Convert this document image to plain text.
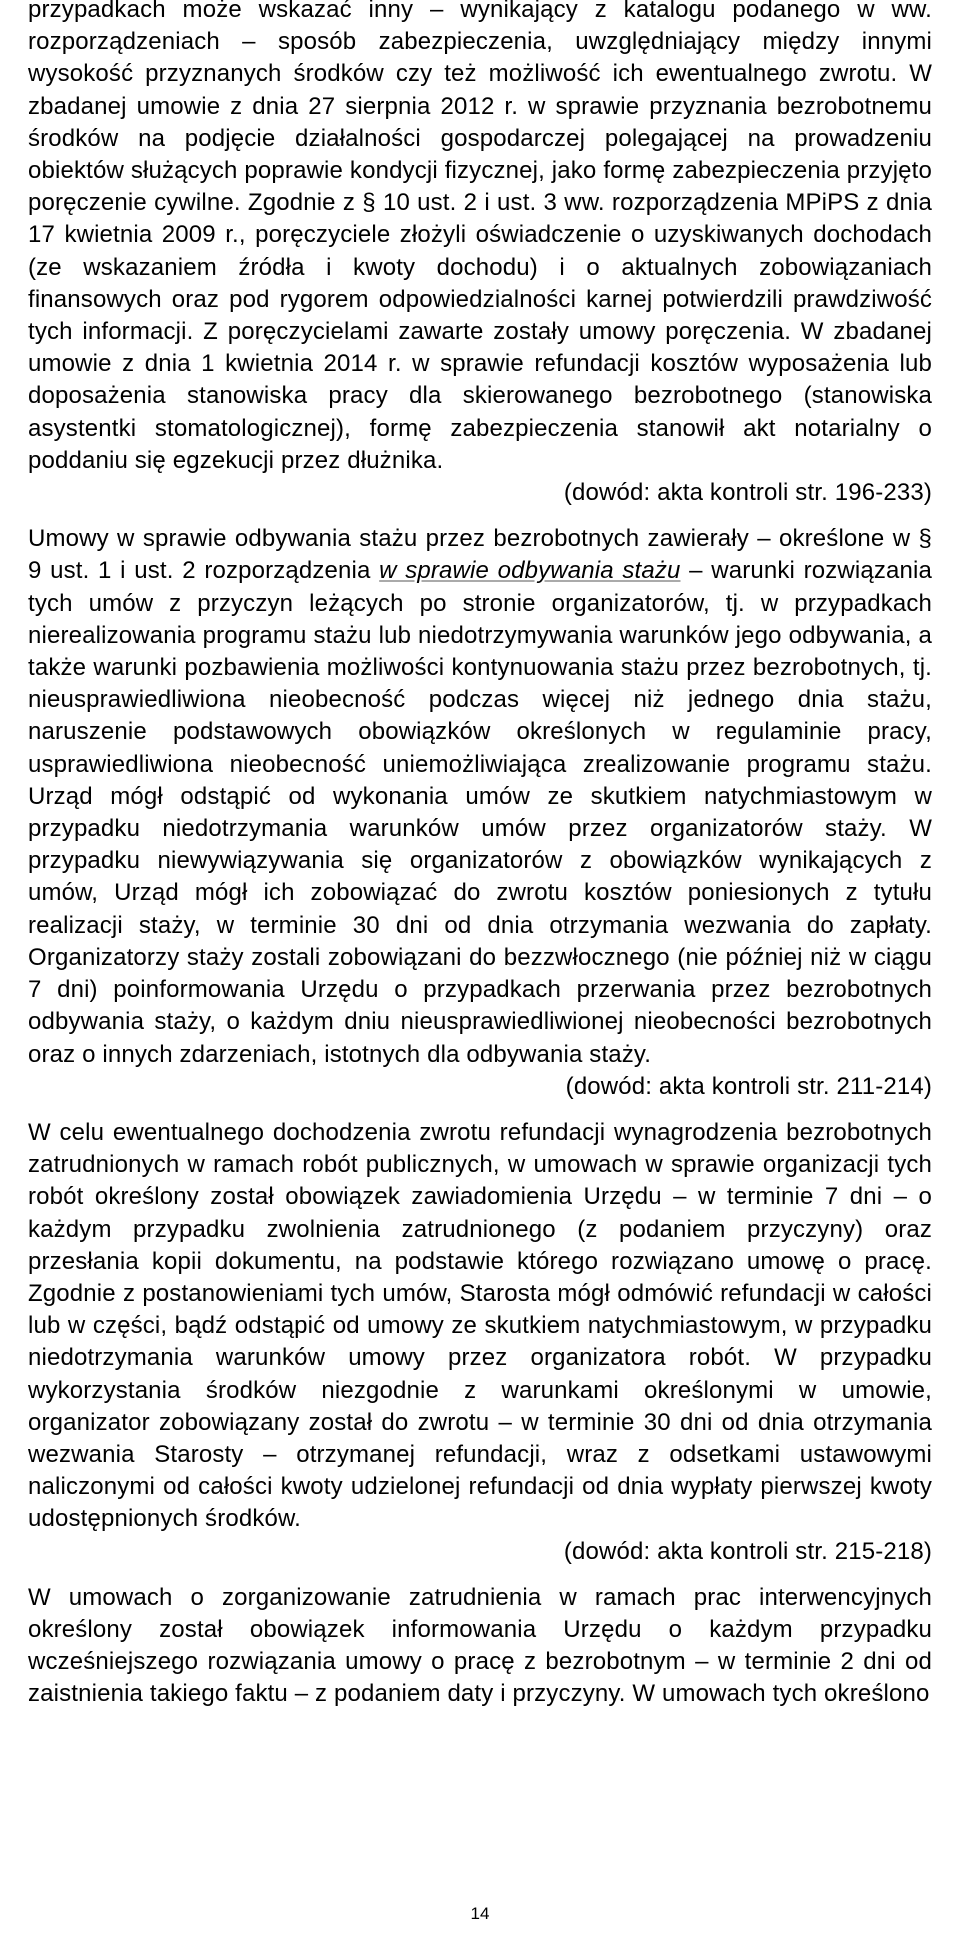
przypadkach może wskazać inny – wynikający z katalogu podanego w ww. rozporządzeniach – sposób zabezpieczenia, uwzględniający między innymi wysokość przyznanych środków czy też możliwość ich ewentualnego zwrotu. W zbadanej umowie z dnia 27 sierpnia 2012 r. w sprawie przyznania bezrobotnemu środków na podjęcie działalności gospodarczej polegającej na prowadzeniu obiektów służących poprawie kondycji fizycznej, jako formę zabezpieczenia przyjęto poręczenie cywilne. Zgodnie z § 10 ust. 2 i ust. 3 ww. rozporządzenia MPiPS z dnia 17 kwietnia 2009 r., poręczyciele złożyli oświadczenie o uzyskiwanych dochodach (ze wskazaniem źródła i kwoty dochodu) i o aktualnych zobowiązaniach finansowych oraz pod rygorem odpowiedzialności karnej potwierdzili prawdziwość tych informacji. Z poręczycielami zawarte zostały umowy poręczenia. W zbadanej umowie z dnia 1 kwietnia 2014 r. w sprawie refundacji kosztów wyposażenia lub doposażenia stanowiska pracy dla skierowanego bezrobotnego (stanowiska asystentki stomatologicznej), formę zabezpieczenia stanowił akt notarialny o poddaniu się egzekucji przez dłużnika.

(dowód: akta kontroli str. 196-233)

Umowy w sprawie odbywania stażu przez bezrobotnych zawierały – określone w § 9 ust. 1 i ust. 2 rozporządzenia w sprawie odbywania stażu – warunki rozwiązania tych umów z przyczyn leżących po stronie organizatorów, tj. w przypadkach nierealizowania programu stażu lub niedotrzymywania warunków jego odbywania, a także warunki pozbawienia możliwości kontynuowania stażu przez bezrobotnych, tj. nieusprawiedliwiona nieobecność podczas więcej niż jednego dnia stażu, naruszenie podstawowych obowiązków określonych w regulaminie pracy, usprawiedliwiona nieobecność uniemożliwiająca zrealizowanie programu stażu. Urząd mógł odstąpić od wykonania umów ze skutkiem natychmiastowym w przypadku niedotrzymania warunków umów przez organizatorów staży. W przypadku niewywiązywania się organizatorów z obowiązków wynikających z umów, Urząd mógł ich zobowiązać do zwrotu kosztów poniesionych z tytułu realizacji staży, w terminie 30 dni od dnia otrzymania wezwania do zapłaty. Organizatorzy staży zostali zobowiązani do bezzwłocznego (nie później niż w ciągu 7 dni) poinformowania Urzędu o przypadkach przerwania przez bezrobotnych odbywania staży, o każdym dniu nieusprawiedliwionej nieobecności bezrobotnych oraz o innych zdarzeniach, istotnych dla odbywania staży.

(dowód: akta kontroli str. 211-214)

W celu ewentualnego dochodzenia zwrotu refundacji wynagrodzenia bezrobotnych zatrudnionych w ramach robót publicznych, w umowach w sprawie organizacji tych robót określony został obowiązek zawiadomienia Urzędu – w terminie 7 dni – o każdym przypadku zwolnienia zatrudnionego (z podaniem przyczyny) oraz przesłania kopii dokumentu, na podstawie którego rozwiązano umowę o pracę. Zgodnie z postanowieniami tych umów, Starosta mógł odmówić refundacji w całości lub w części, bądź odstąpić od umowy ze skutkiem natychmiastowym, w przypadku niedotrzymania warunków umowy przez organizatora robót. W przypadku wykorzystania środków niezgodnie z warunkami określonymi w umowie, organizator zobowiązany został do zwrotu – w terminie 30 dni od dnia otrzymania wezwania Starosty – otrzymanej refundacji, wraz z odsetkami ustawowymi naliczonymi od całości kwoty udzielonej refundacji od dnia wypłaty pierwszej kwoty udostępnionych środków.

(dowód: akta kontroli str. 215-218)

W umowach o zorganizowanie zatrudnienia w ramach prac interwencyjnych określony został obowiązek informowania Urzędu o każdym przypadku wcześniejszego rozwiązania umowy o pracę z bezrobotnym – w terminie 2 dni od zaistnienia takiego faktu – z podaniem daty i przyczyny. W umowach tych określono

14
